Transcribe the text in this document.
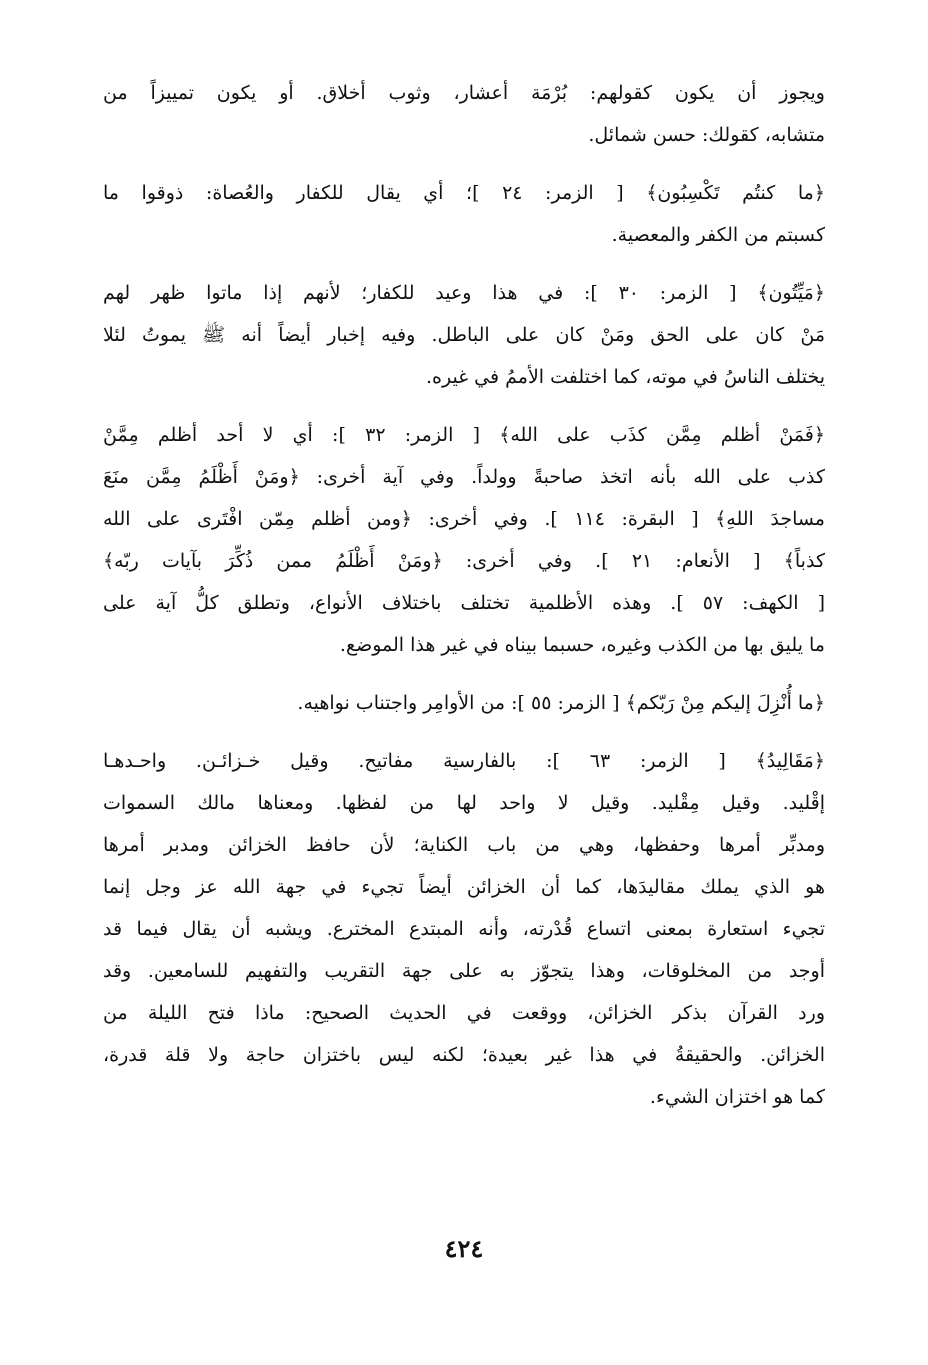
ويجوز أن يكون كقولهم: بُرْمَة أعشار، وثوب أخلاق. أو يكون تمييزاً من
متشابه، كقولك: حسن شمائل.
﴿ما كنتُم تَكْسِبُون﴾ [ الزمر: ٢٤ ]؛ أي يقال للكفار والعُصاة: ذوقوا ما
كسبتم من الكفر والمعصية.
﴿مَيِّتُون﴾ [ الزمر: ٣٠ ]: في هذا وعيد للكفار؛ لأنهم إذا ماتوا ظهر لهم
مَنْ كان على الحق ومَنْ كان على الباطل. وفيه إخبار أيضاً أنه ﷺ يموتُ لئلا
يختلف الناسُ في موته، كما اختلفت الأممُ في غيره.
﴿فَمَنْ أظلم مِمَّن كذَب على الله﴾ [ الزمر: ٣٢ ]: أي لا أحد أظلم مِمَّنْ
كذب على الله بأنه اتخذ صاحبةً وولداً. وفي آية أخرى: ﴿ومَنْ أَظْلَمُ مِمَّن منَعَ
مساجدَ اللهِ﴾ [ البقرة: ١١٤ ]. وفي أخرى: ﴿ومن أظلم مِمّن افْتَرى على الله
كذباً﴾ [ الأنعام: ٢١ ]. وفي أخرى: ﴿ومَنْ أَظْلَمُ ممن ذُكِّرَ بآيات ربّه﴾
[ الكهف: ٥٧ ]. وهذه الأظلمية تختلف باختلاف الأنواع، وتطلق كلُّ آية على
ما يليق بها من الكذب وغيره، حسبما بيناه في غير هذا الموضع.
﴿ما أُنْزِلَ إليكم مِنْ رَبّكم﴾ [ الزمر: ٥٥ ]: من الأوامِر واجتناب نواهيه.
﴿مَقَالِيدُ﴾ [ الزمر: ٦٣ ]: بالفارسية مفاتيح. وقيل خـزائـن. واحـدهـا
إقْليد. وقيل مِقْليد. وقيل لا واحد لها من لفظها. ومعناها مالك السموات
ومدبِّر أمرها وحفظها، وهي من باب الكناية؛ لأن حافظ الخزائن ومدبر أمرها
هو الذي يملك مقاليدَها، كما أن الخزائن أيضاً تجيء في جهة الله عز وجل إنما
تجيء استعارة بمعنى اتساع قُدْرته، وأنه المبتدع المخترع. ويشبه أن يقال فيما قد
أوجد من المخلوقات، وهذا يتجوّز به على جهة التقريب والتفهيم للسامعين. وقد
ورد القرآن بذكر الخزائن، ووقعت في الحديث الصحيح: ماذا فتح الليلة من
الخزائن. والحقيقةُ في هذا غير بعيدة؛ لكنه ليس باختزان حاجة ولا قلة قدرة،
كما هو اختزان الشيء.
٤٢٤
